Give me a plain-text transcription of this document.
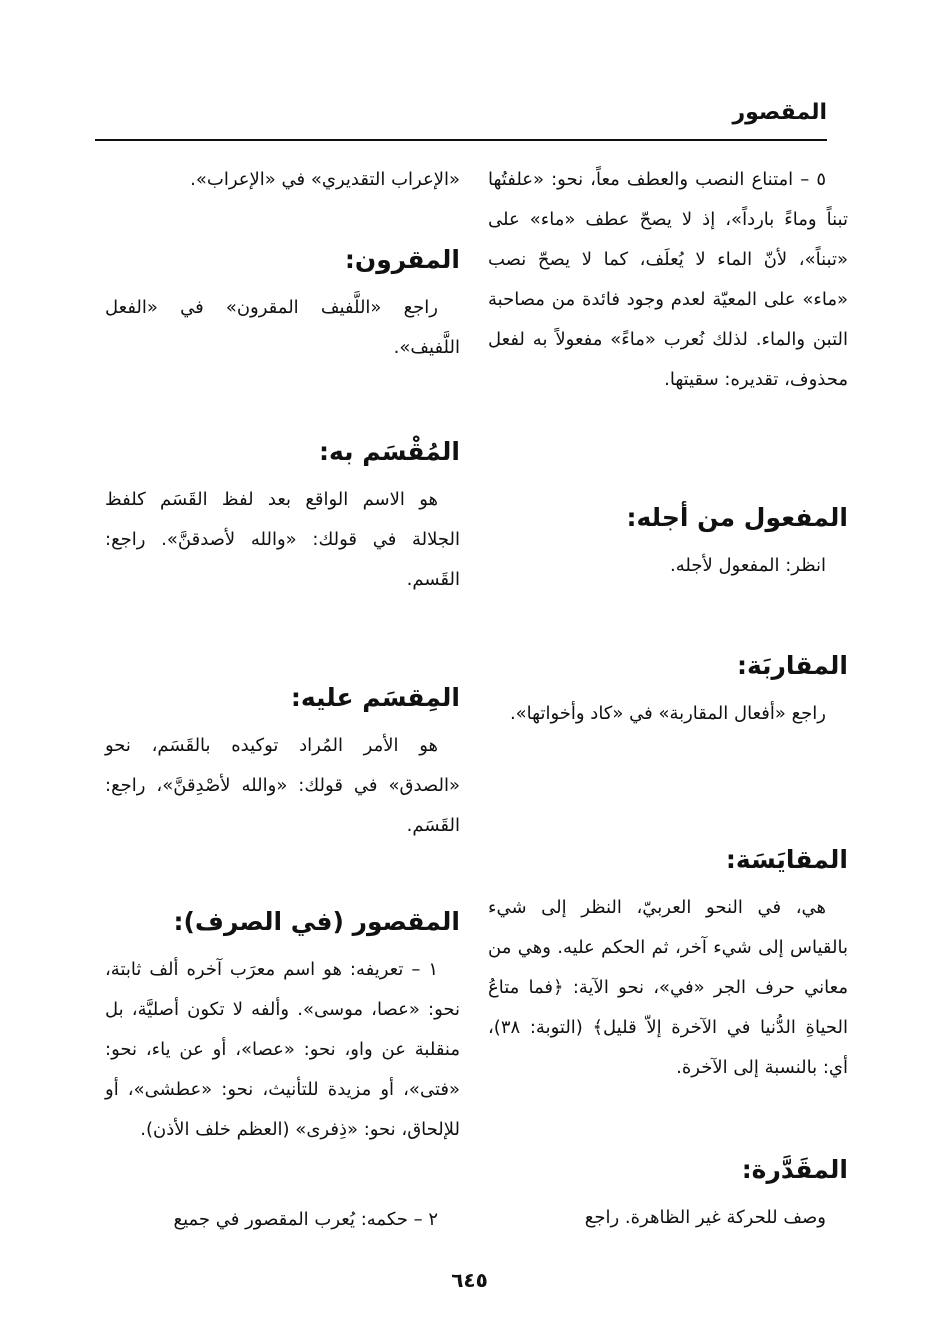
المقصور

٥ – امتناع النصب والعطف معاً، نحو: «علفتُها تبناً وماءً بارداً»، إذ لا يصحّ عطف «ماء» على «تبناً»، لأنّ الماء لا يُعلَف، كما لا يصحّ نصب «ماء» على المعيّة لعدم وجود فائدة من مصاحبة التبن والماء. لذلك نُعرب «ماءً» مفعولاً به لفعل محذوف، تقديره: سقيتها.

المفعول من أجله:

انظر: المفعول لأجله.

المقاربَة:

راجع «أفعال المقاربة» في «كاد وأخواتها».

المقايَسَة:

هي، في النحو العربيّ، النظر إلى شيء بالقياس إلى شيء آخر، ثم الحكم عليه. وهي من معاني حرف الجر «في»، نحو الآية: ﴿فما متاعُ الحياةِ الدُّنيا في الآخرة إلاّ قليل﴾ (التوبة: ٣٨)، أي: بالنسبة إلى الآخرة.

المقَدَّرة:

وصف للحركة غير الظاهرة. راجع

«الإعراب التقديري» في «الإعراب».

المقرون:

راجع «اللَّفيف المقرون» في «الفعل اللَّفيف».

المُقْسَم به:

هو الاسم الواقع بعد لفظ القَسَم كلفظ الجلالة في قولك: «والله لأصدقنَّ». راجع: القَسم.

المِقسَم عليه:

هو الأمر المُراد توكيده بالقَسَم، نحو «الصدق» في قولك: «والله لأصْدِقنَّ»، راجع: القَسَم.

المقصور (في الصرف):

١ – تعريفه: هو اسم معرَب آخره ألف ثابتة، نحو: «عصا، موسى». وألفه لا تكون أصليَّة، بل منقلبة عن واو، نحو: «عصا»، أو عن ياء، نحو: «فتى»، أو مزيدة للتأنيث، نحو: «عطشى»، أو للإلحاق، نحو: «ذِفرى» (العظم خلف الأذن).

٢ – حكمه: يُعرب المقصور في جميع

٦٤٥
